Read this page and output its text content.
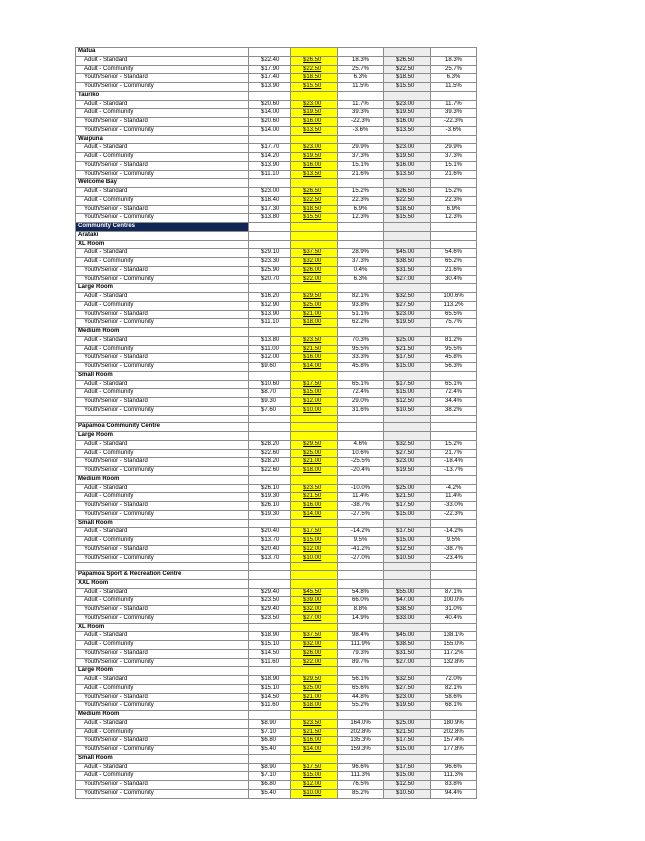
Matua					
Adult - Standard	$22.40	$26.50	18.3%	$26.50	18.3%
Adult - Community	$17.90	$22.50	25.7%	$22.50	25.7%
Youth/Senior - Standard	$17.40	$18.50	6.3%	$18.50	6.3%
Youth/Senior - Community	$13.90	$15.50	11.5%	$15.50	11.5%
Tauriko					
Adult - Standard	$20.60	$23.00	11.7%	$23.00	11.7%
Adult - Community	$14.00	$19.50	39.3%	$19.50	39.3%
Youth/Senior - Standard	$20.60	$16.00	-22.3%	$16.00	-22.3%
Youth/Senior - Community	$14.00	$13.50	-3.6%	$13.50	-3.6%
Waipuna					
Adult - Standard	$17.70	$23.00	29.9%	$23.00	29.9%
Adult - Community	$14.20	$19.50	37.3%	$19.50	37.3%
Youth/Senior - Standard	$13.90	$16.00	15.1%	$16.00	15.1%
Youth/Senior - Community	$11.10	$13.50	21.6%	$13.50	21.6%
Welcome Bay					
Adult - Standard	$23.00	$26.50	15.2%	$26.50	15.2%
Adult - Community	$18.40	$22.50	22.3%	$22.50	22.3%
Youth/Senior - Standard	$17.30	$18.50	6.9%	$18.50	6.9%
Youth/Senior - Community	$13.80	$15.50	12.3%	$15.50	12.3%
Community Centres					
Arataki					
XL Room					
Adult - Standard	$29.10	$37.50	28.9%	$45.00	54.6%
Adult - Community	$23.30	$32.00	37.3%	$38.50	65.2%
Youth/Senior - Standard	$25.90	$26.00	0.4%	$31.50	21.6%
Youth/Senior - Community	$20.70	$22.00	6.3%	$27.00	30.4%
Large Room					
Adult - Standard	$16.20	$29.50	82.1%	$32.50	100.6%
Adult - Community	$12.90	$25.00	93.8%	$27.50	113.2%
Youth/Senior - Standard	$13.90	$21.00	51.1%	$23.00	65.5%
Youth/Senior - Community	$11.10	$18.00	62.2%	$19.50	75.7%
Medium Room					
Adult - Standard	$13.80	$23.50	70.3%	$25.00	81.2%
Adult - Community	$11.00	$21.50	95.5%	$21.50	95.5%
Youth/Senior - Standard	$12.00	$16.00	33.3%	$17.50	45.8%
Youth/Senior - Community	$9.60	$14.00	45.8%	$15.00	56.3%
Small Room					
Adult - Standard	$10.60	$17.50	65.1%	$17.50	65.1%
Adult - Community	$8.70	$15.00	72.4%	$15.00	72.4%
Youth/Senior - Standard	$9.30	$12.00	29.0%	$12.50	34.4%
Youth/Senior - Community	$7.60	$10.00	31.6%	$10.50	38.2%

Papamoa Community Centre					
Large Room					
Adult - Standard	$28.20	$29.50	4.6%	$32.50	15.2%
Adult - Community	$22.60	$25.00	10.6%	$27.50	21.7%
Youth/Senior - Standard	$28.20	$21.00	-25.5%	$23.00	-18.4%
Youth/Senior - Community	$22.60	$18.00	-20.4%	$19.50	-13.7%
Medium Room					
Adult - Standard	$26.10	$23.50	-10.0%	$25.00	-4.2%
Adult - Community	$19.30	$21.50	11.4%	$21.50	11.4%
Youth/Senior - Standard	$26.10	$16.00	-38.7%	$17.50	-33.0%
Youth/Senior - Community	$19.30	$14.00	-27.5%	$15.00	-22.3%
Small Room					
Adult - Standard	$20.40	$17.50	-14.2%	$17.50	-14.2%
Adult - Community	$13.70	$15.00	9.5%	$15.00	9.5%
Youth/Senior - Standard	$20.40	$12.00	-41.2%	$12.50	-38.7%
Youth/Senior - Community	$13.70	$10.00	-27.0%	$10.50	-23.4%

Papamoa Sport & Recreation Centre					
XXL Room					
Adult - Standard	$29.40	$45.50	54.8%	$55.00	87.1%
Adult - Community	$23.50	$39.00	66.0%	$47.00	100.0%
Youth/Senior - Standard	$29.40	$32.00	8.8%	$38.50	31.0%
Youth/Senior - Community	$23.50	$27.00	14.9%	$33.00	40.4%
XL Room					
Adult - Standard	$18.90	$37.50	98.4%	$45.00	138.1%
Adult - Community	$15.10	$32.00	111.9%	$38.50	155.0%
Youth/Senior - Standard	$14.50	$26.00	79.3%	$31.50	117.2%
Youth/Senior - Community	$11.60	$22.00	89.7%	$27.00	132.8%
Large Room					
Adult - Standard	$18.90	$29.50	56.1%	$32.50	72.0%
Adult - Community	$15.10	$25.00	65.6%	$27.50	82.1%
Youth/Senior - Standard	$14.50	$21.00	44.8%	$23.00	58.6%
Youth/Senior - Community	$11.60	$18.00	55.2%	$19.50	68.1%
Medium Room					
Adult - Standard	$8.90	$23.50	164.0%	$25.00	180.9%
Adult - Community	$7.10	$21.50	202.8%	$21.50	202.8%
Youth/Senior - Standard	$6.80	$16.00	135.3%	$17.50	157.4%
Youth/Senior - Community	$5.40	$14.00	159.3%	$15.00	177.8%
Small Room					
Adult - Standard	$8.90	$17.50	96.6%	$17.50	96.6%
Adult - Community	$7.10	$15.00	111.3%	$15.00	111.3%
Youth/Senior - Standard	$6.80	$12.00	76.5%	$12.50	83.8%
Youth/Senior - Community	$5.40	$10.00	85.2%	$10.50	94.4%
